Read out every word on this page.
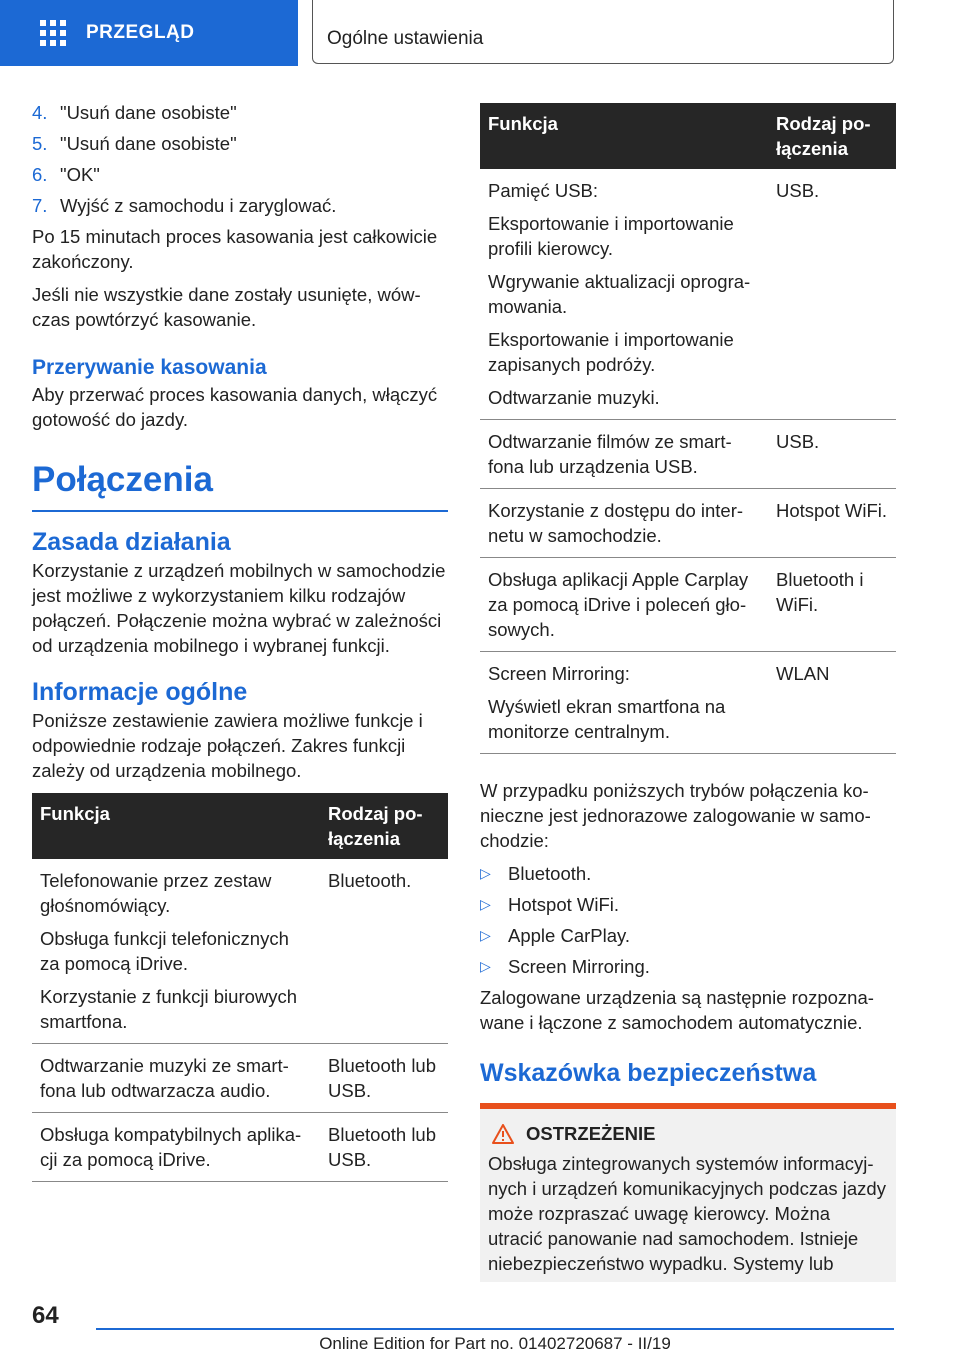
PRZEGLĄD	Ogólne ustawienia
4. "Usuń dane osobiste"
5. "Usuń dane osobiste"
6. "OK"
7. Wyjść z samochodu i zaryglować.

Po 15 minutach proces kasowania jest całkowicie zakończony.

Jeśli nie wszystkie dane zostały usunięte, wówczas powtórzyć kasowanie.

Przerywanie kasowania

Aby przerwać proces kasowania danych, włączyć gotowość do jazdy.

Połączenia
Zasada działania

Korzystanie z urządzeń mobilnych w samochodzie jest możliwe z wykorzystaniem kilku rodzajów połączeń. Połączenie można wybrać w zależności od urządzenia mobilnego i wybranej funkcji.

Informacje ogólne

Poniższe zestawienie zawiera możliwe funkcje i odpowiednie rodzaje połączeń. Zakres funkcji zależy od urządzenia mobilnego.

Funkcja	Rodzaj połączenia

Telefonowanie przez zestaw głośnomówiący.
Obsługa funkcji telefonicznych za pomocą iDrive.
Korzystanie z funkcji biurowych smartfona.	Bluetooth.

Odtwarzanie muzyki ze smartfona lub odtwarzacza audio.	Bluetooth lub USB.

Obsługa kompatybilnych aplikacji za pomocą iDrive.	Bluetooth lub USB.
Funkcja	Rodzaj połączenia

Pamięć USB:
Eksportowanie i importowanie profili kierowcy.
Wgrywanie aktualizacji oprogramowania.
Eksportowanie i importowanie zapisanych podróży.
Odtwarzanie muzyki.	USB.

Odtwarzanie filmów ze smartfona lub urządzenia USB.	USB.

Korzystanie z dostępu do internetu w samochodzie.	Hotspot WiFi.

Obsługa aplikacji Apple Carplay za pomocą iDrive i poleceń głosowych.	Bluetooth i WiFi.

Screen Mirroring:
Wyświetl ekran smartfona na monitorze centralnym.	WLAN

W przypadku poniższych trybów połączenia konieczne jest jednorazowe zalogowanie w samochodzie:

▷ Bluetooth.
▷ Hotspot WiFi.
▷ Apple CarPlay.
▷ Screen Mirroring.

Zalogowane urządzenia są następnie rozpoznawane i łączone z samochodem automatycznie.

Wskazówka bezpieczeństwa
OSTRZEŻENIE

Obsługa zintegrowanych systemów informacyjnych i urządzeń komunikacyjnych podczas jazdy może rozpraszać uwagę kierowcy. Można utracić panowanie nad samochodem. Istnieje niebezpieczeństwo wypadku. Systemy lub

64
Online Edition for Part no. 01402720687 - II/19
